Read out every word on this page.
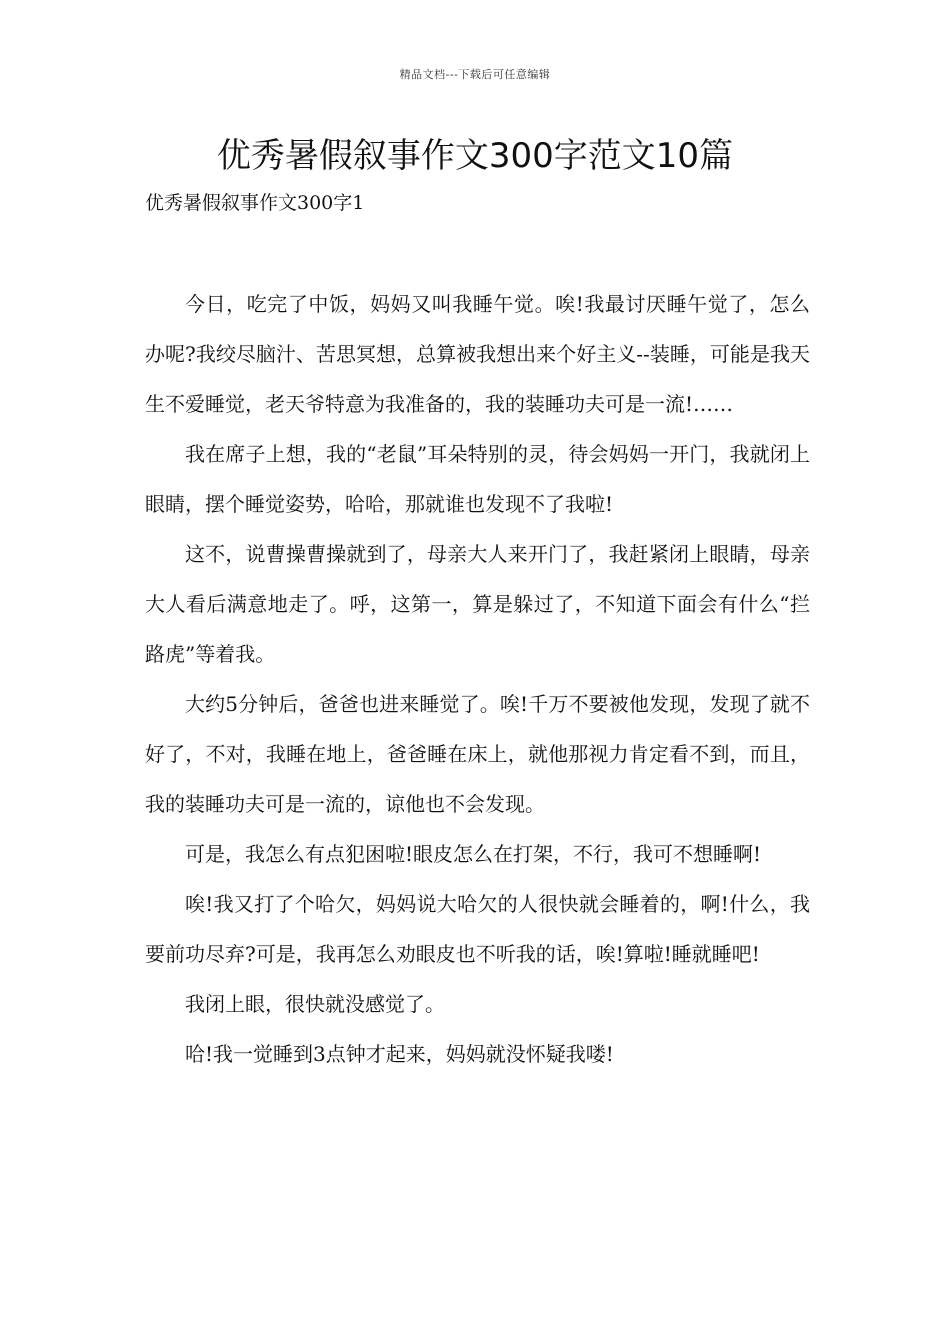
精品文档---下载后可任意编辑
优秀暑假叙事作文300字范文10篇
优秀暑假叙事作文300字1

今日，吃完了中饭，妈妈又叫我睡午觉。唉!我最讨厌睡午觉了，怎么办呢?我绞尽脑汁、苦思冥想，总算被我想出来个好主义--装睡，可能是我天生不爱睡觉，老天爷特意为我准备的，我的装睡功夫可是一流!……

我在席子上想，我的“老鼠”耳朵特别的灵，待会妈妈一开门，我就闭上眼睛，摆个睡觉姿势，哈哈，那就谁也发现不了我啦!

这不，说曹操曹操就到了，母亲大人来开门了，我赶紧闭上眼睛，母亲大人看后满意地走了。呼，这第一，算是躲过了，不知道下面会有什么“拦路虎”等着我。

大约5分钟后，爸爸也进来睡觉了。唉!千万不要被他发现，发现了就不好了，不对，我睡在地上，爸爸睡在床上，就他那视力肯定看不到，而且，我的装睡功夫可是一流的，谅他也不会发现。

可是，我怎么有点犯困啦!眼皮怎么在打架，不行，我可不想睡啊!

唉!我又打了个哈欠，妈妈说大哈欠的人很快就会睡着的，啊!什么，我要前功尽弃?可是，我再怎么劝眼皮也不听我的话，唉!算啦!睡就睡吧!

我闭上眼，很快就没感觉了。

哈!我一觉睡到3点钟才起来，妈妈就没怀疑我喽!
